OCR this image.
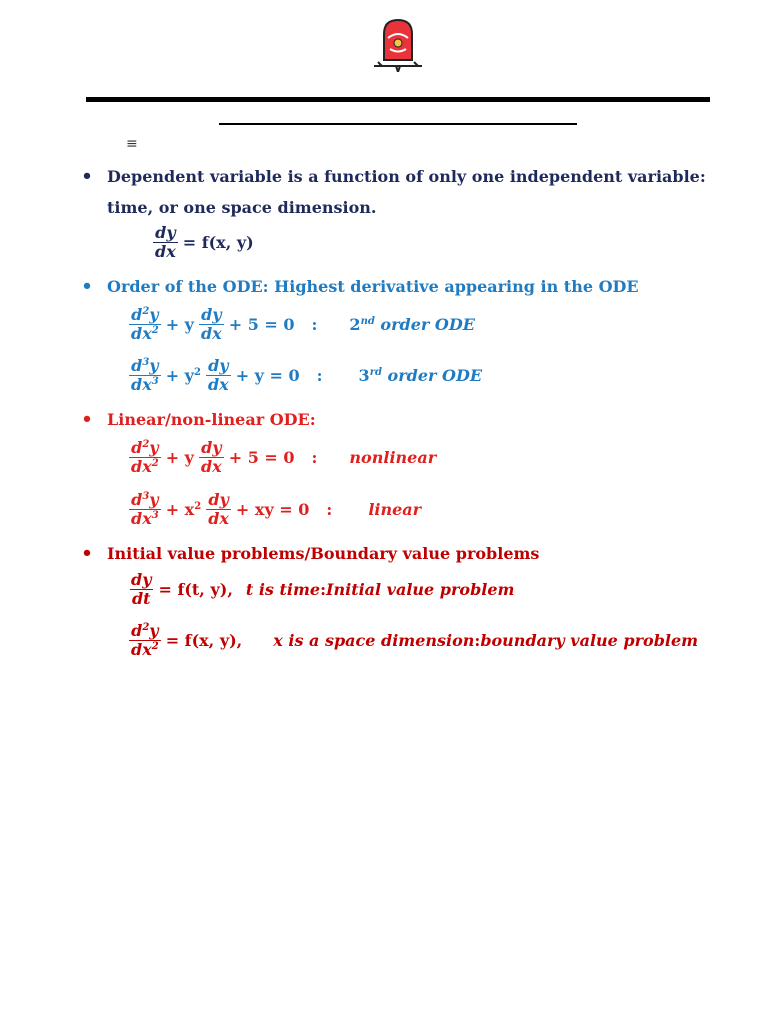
≡
• Dependent variable is a function of only one independent variable: time, or one space dimension.
$\frac{dy}{dx} = f(x$, y)
• Order of the ODE: Highest derivative appearing in the ODE
$\frac{d^2y}{dx^2} + y \frac{dy}{dx} + 5 = 0$ : 2nd order ODE
$\frac{d^3y}{dx^3} + y^2 \frac{dy}{dx} + y = 0$ : 3rd order ODE
• Linear/non-linear ODE:
$\frac{d^2y}{dx^2} + y \frac{dy}{dx} + 5 = 0$ : nonlinear
$\frac{d^3y}{dx^3} + x^2 \frac{dy}{dx}$ + xy = 0 : linear
• Initial value problems/Boundary value problems
$\frac{dy}{dt} = f(t$, y), t is time:Initial value problem
$\frac{d^2y}{dx^2} = f(x$, y), x is a space dimension:boundary value problem
